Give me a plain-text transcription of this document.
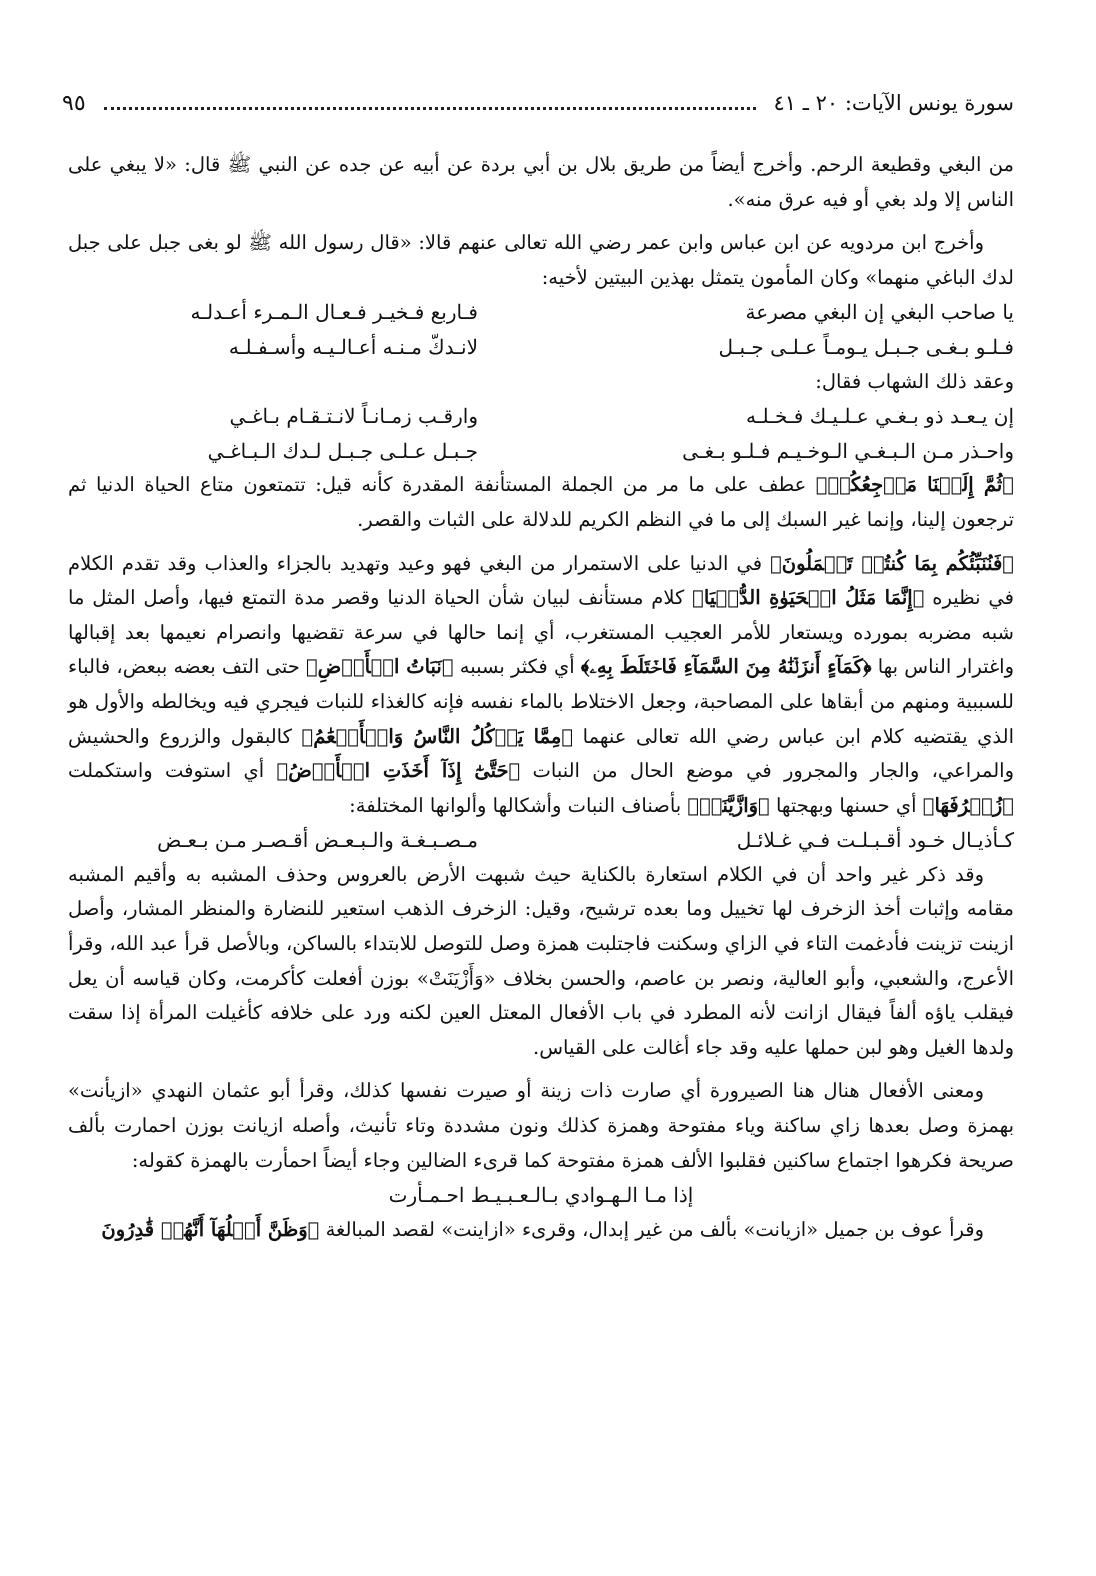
سورة يونس الآيات: ٢٠ ـ ٤١
٩٥

من البغي وقطيعة الرحم. وأخرج أيضاً من طريق بلال بن أبي بردة عن أبيه عن جده عن النبي ﷺ قال: «لا يبغي على الناس إلا ولد بغي أو فيه عرق منه».

وأخرج ابن مردويه عن ابن عباس وابن عمر رضي الله تعالى عنهم قالا: «قال رسول الله ﷺ لو بغى جبل على جبل لدك الباغي منهما» وكان المأمون يتمثل بهذين البيتين لأخيه:

يا صاحب البغي إن البغي مصرعة
فـاربع فـخيـر فـعـال الـمـرء أعـدلـه
فـلـو بـغـى جـبـل يـومـاً عـلـى جـبـل
لانـدكّ مـنـه أعـالـيـه وأسـفـلـه

وعقد ذلك الشهاب فقال:

إن يـعـد ذو بـغـي عـلـيـك فـخـلـه
وارقـب زمـانـاً لانـتـقـام بـاغـي
واحـذر مـن الـبـغـي الـوخـيـم فـلـو بـغـى
جـبـل عـلـى جـبـل لـدك الـبـاغـي

﴿ثُمَّ إِلَيۡنَا مَرۡجِعُكُمۡ﴾ عطف على ما مر من الجملة المستأنفة المقدرة كأنه قيل: تتمتعون متاع الحياة الدنيا ثم ترجعون إلينا، وإنما غير السبك إلى ما في النظم الكريم للدلالة على الثبات والقصر.

﴿فَنُنَبِّئُكُم بِمَا كُنتُمۡ تَعۡمَلُونَ﴾ في الدنيا على الاستمرار من البغي فهو وعيد وتهديد بالجزاء والعذاب وقد تقدم الكلام في نظيره ﴿إِنَّمَا مَثَلُ الۡحَيَوٰةِ الدُّنۡيَا﴾ كلام مستأنف لبيان شأن الحياة الدنيا وقصر مدة التمتع فيها، وأصل المثل ما شبه مضربه بمورده ويستعار للأمر العجيب المستغرب، أي إنما حالها في سرعة تقضيها وانصرام نعيمها بعد إقبالها واغترار الناس بها ﴿كَمَآءٍ أَنزَلۡنَٰهُ مِنَ السَّمَآءِ فَاخۡتَلَطَ بِهِۦ﴾ أي فكثر بسببه ﴿نَبَاتُ الۡأَرۡضِ﴾ حتى التف بعضه ببعض، فالباء للسببية ومنهم من أبقاها على المصاحبة، وجعل الاختلاط بالماء نفسه فإنه كالغذاء للنبات فيجري فيه ويخالطه والأول هو الذي يقتضيه كلام ابن عباس رضي الله تعالى عنهما ﴿مِمَّا يَأۡكُلُ النَّاسُ وَالۡأَنۡعَٰمُ﴾ كالبقول والزروع والحشيش والمراعي، والجار والمجرور في موضع الحال من النبات ﴿حَتَّىٰٓ إِذَآ أَخَذَتِ الۡأَرۡضُ﴾ أي استوفت واستكملت ﴿زُخۡرُفَهَا﴾ أي حسنها وبهجتها ﴿وَازَّيَّنَتۡ﴾ بأصناف النبات وأشكالها وألوانها المختلفة:

كـأذيـال خـود أقـبـلـت فـي غـلائـل
مـصـبـغـة والـبـعـض أقـصـر مـن بـعـض

وقد ذكر غير واحد أن في الكلام استعارة بالكناية حيث شبهت الأرض بالعروس وحذف المشبه به وأقيم المشبه مقامه وإثبات أخذ الزخرف لها تخييل وما بعده ترشيح، وقيل: الزخرف الذهب استعير للنضارة والمنظر المشار، وأصل ازينت تزينت فأدغمت التاء في الزاي وسكنت فاجتلبت همزة وصل للتوصل للابتداء بالساكن، وبالأصل قرأ عبد الله، وقرأ الأعرج، والشعبي، وأبو العالية، ونصر بن عاصم، والحسن بخلاف «وَأَزْيَنَتْ» بوزن أفعلت كأكرمت، وكان قياسه أن يعل فيقلب ياؤه ألفاً فيقال ازانت لأنه المطرد في باب الأفعال المعتل العين لكنه ورد على خلافه كأغيلت المرأة إذا سقت ولدها الغيل وهو لبن حملها عليه وقد جاء أغالت على القياس.

ومعنى الأفعال هنال هنا الصيرورة أي صارت ذات زينة أو صيرت نفسها كذلك، وقرأ أبو عثمان النهدي «ازيأنت» بهمزة وصل بعدها زاي ساكنة وياء مفتوحة وهمزة كذلك ونون مشددة وتاء تأنيث، وأصله ازيانت بوزن احمارت بألف صريحة فكرهوا اجتماع ساكنين فقلبوا الألف همزة مفتوحة كما قرىء الضالين وجاء أيضاً احمأرت بالهمزة كقوله:

إذا مـا الـهـوادي بـالـعـبـيـط احـمـأرت

وقرأ عوف بن جميل «ازيانت» بألف من غير إبدال، وقرىء «ازاينت» لقصد المبالغة ﴿وَظَنَّ أَهۡلُهَآ أَنَّهُمۡ قَٰدِرُونَ
